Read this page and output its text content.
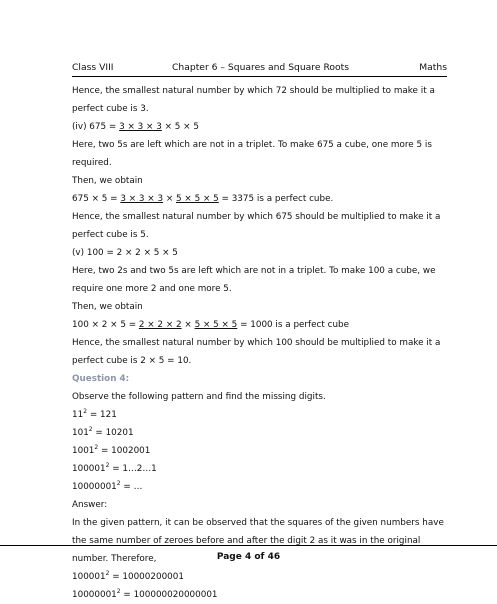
Class VIII	Chapter 6 – Squares and Square Roots	Maths
Hence, the smallest natural number by which 72 should be multiplied to make it a
perfect cube is 3.
(iv) 675 = 3 × 3 × 3 × 5 × 5
Here, two 5s are left which are not in a triplet. To make 675 a cube, one more 5 is
required.
Then, we obtain
675 × 5 = 3 × 3 × 3 × 5 × 5 × 5 = 3375 is a perfect cube.
Hence, the smallest natural number by which 675 should be multiplied to make it a
perfect cube is 5.
(v) 100 = 2 × 2 × 5 × 5
Here, two 2s and two 5s are left which are not in a triplet. To make 100 a cube, we
require one more 2 and one more 5.
Then, we obtain
100 × 2 × 5 = 2 × 2 × 2 × 5 × 5 × 5 = 1000 is a perfect cube
Hence, the smallest natural number by which 100 should be multiplied to make it a
perfect cube is 2 × 5 = 10.
Question 4:
Observe the following pattern and find the missing digits.
$11^2 = 121$
$101^2 = 10201$
$1001^2 = 1002001$
$100001^2$ = 1…2…1
$10000001^2$ = …
Answer:
In the given pattern, it can be observed that the squares of the given numbers have
the same number of zeroes before and after the digit 2 as it was in the original
number. Therefore,
$100001^2 = 10000200001$
$10000001^2 = 100000020000001$
Page 4 of 46
